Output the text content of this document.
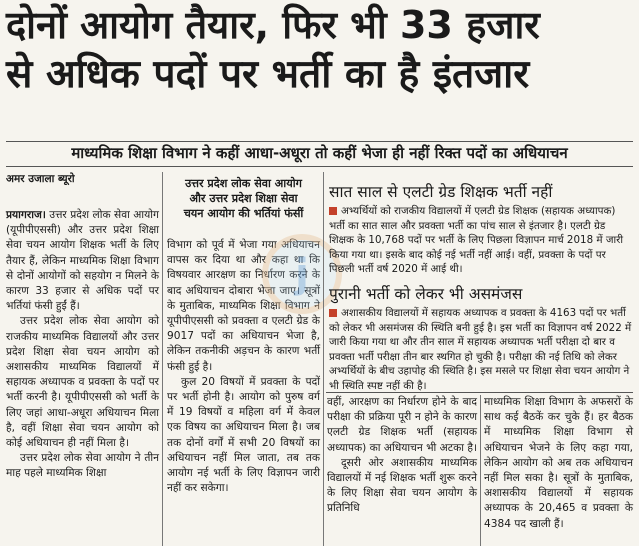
दोनों आयोग तैयार, फिर भी 33 हजार
से अधिक पदों पर भर्ती का है इंतजार
माध्यमिक शिक्षा विभाग ने कहीं आधा-अधूरा तो कहीं भेजा ही नहीं रिक्त पदों का अधियाचन
अमर उजाला ब्यूरो

प्रयागराज। उत्तर प्रदेश लोक सेवा आयोग (यूपीपीएससी) और उत्तर प्रदेश शिक्षा सेवा चयन आयोग शिक्षक भर्ती के लिए तैयार हैं, लेकिन माध्यमिक शिक्षा विभाग से दोनों आयोगों को सहयोग न मिलने के कारण 33 हजार से अधिक पदों पर भर्तियां फंसी हुईं हैं।

उत्तर प्रदेश लोक सेवा आयोग को राजकीय माध्यमिक विद्यालयों और उत्तर प्रदेश शिक्षा सेवा चयन आयोग को अशासकीय माध्यमिक विद्यालयों में सहायक अध्यापक व प्रवक्ता के पदों पर भर्ती करनी है। यूपीपीएससी को भर्ती के लिए जहां आधा-अधूरा अधियाचन मिला है, वहीं शिक्षा सेवा चयन आयोग को कोई अधियाचन ही नहीं मिला है।

उत्तर प्रदेश लोक सेवा आयोग ने तीन माह पहले माध्यमिक शिक्षा

उत्तर प्रदेश लोक सेवा आयोग
और उत्तर प्रदेश शिक्षा सेवा
चयन आयोग की भर्तियां फंसीं

विभाग को पूर्व में भेजा गया अधियाचन वापस कर दिया था और कहा था कि विषयवार आरक्षण का निर्धारण करने के बाद अधियाचन दोबारा भेजा जाए। सूत्रों के मुताबिक, माध्यमिक शिक्षा विभाग ने यूपीपीएससी को प्रवक्ता व एलटी ग्रेड के 9017 पदों का अधियाचन भेजा है, लेकिन तकनीकी अड़चन के कारण भर्ती फंसी हुई है।

कुल 20 विषयों में प्रवक्ता के पदों पर भर्ती होनी है। आयोग को पुरुष वर्ग में 19 विषयों व महिला वर्ग में केवल एक विषय का अधियाचन मिला है। जब तक दोनों वर्गों में सभी 20 विषयों का अधियाचन नहीं मिल जाता, तब तक आयोग नई भर्ती के लिए विज्ञापन जारी नहीं कर सकेगा।

j
सात साल से एलटी ग्रेड शिक्षक भर्ती नहीं
अभ्यर्थियों को राजकीय विद्यालयों में एलटी ग्रेड शिक्षक (सहायक अध्यापक) भर्ती का सात साल और प्रवक्ता भर्ती का पांच साल से इंतजार है। एलटी ग्रेड शिक्षक के 10,768 पदों पर भर्ती के लिए पिछला विज्ञापन मार्च 2018 में जारी किया गया था। इसके बाद कोई नई भर्ती नहीं आई। वहीं, प्रवक्ता के पदों पर पिछली भर्ती वर्ष 2020 में आई थी।
पुरानी भर्ती को लेकर भी असमंजस
अशासकीय विद्यालयों में सहायक अध्यापक व प्रवक्ता के 4163 पदों पर भर्ती को लेकर भी असमंजस की स्थिति बनी हुई है। इस भर्ती का विज्ञापन वर्ष 2022 में जारी किया गया था और तीन साल में सहायक अध्यापक भर्ती परीक्षा दो बार व प्रवक्ता भर्ती परीक्षा तीन बार स्थगित हो चुकी है। परीक्षा की नई तिथि को लेकर अभ्यर्थियों के बीच उहापोह की स्थिति है। इस मसले पर शिक्षा सेवा चयन आयोग ने भी स्थिति स्पष्ट नहीं की है।

वहीं, आरक्षण का निर्धारण होने के बाद परीक्षा की प्रक्रिया पूरी न होने के कारण एलटी ग्रेड शिक्षक भर्ती (सहायक अध्यापक) का अधियाचन भी अटका है।

दूसरी ओर अशासकीय माध्यमिक विद्यालयों में नई शिक्षक भर्ती शुरू करने के लिए शिक्षा सेवा चयन आयोग के प्रतिनिधि

माध्यमिक शिक्षा विभाग के अफसरों के साथ कई बैठकें कर चुके हैं। हर बैठक में माध्यमिक शिक्षा विभाग से अधियाचन भेजने के लिए कहा गया, लेकिन आयोग को अब तक अधियाचन नहीं मिल सका है। सूत्रों के मुताबिक, अशासकीय विद्यालयों में सहायक अध्यापक के 20,465 व प्रवक्ता के 4384 पद खाली हैं।
